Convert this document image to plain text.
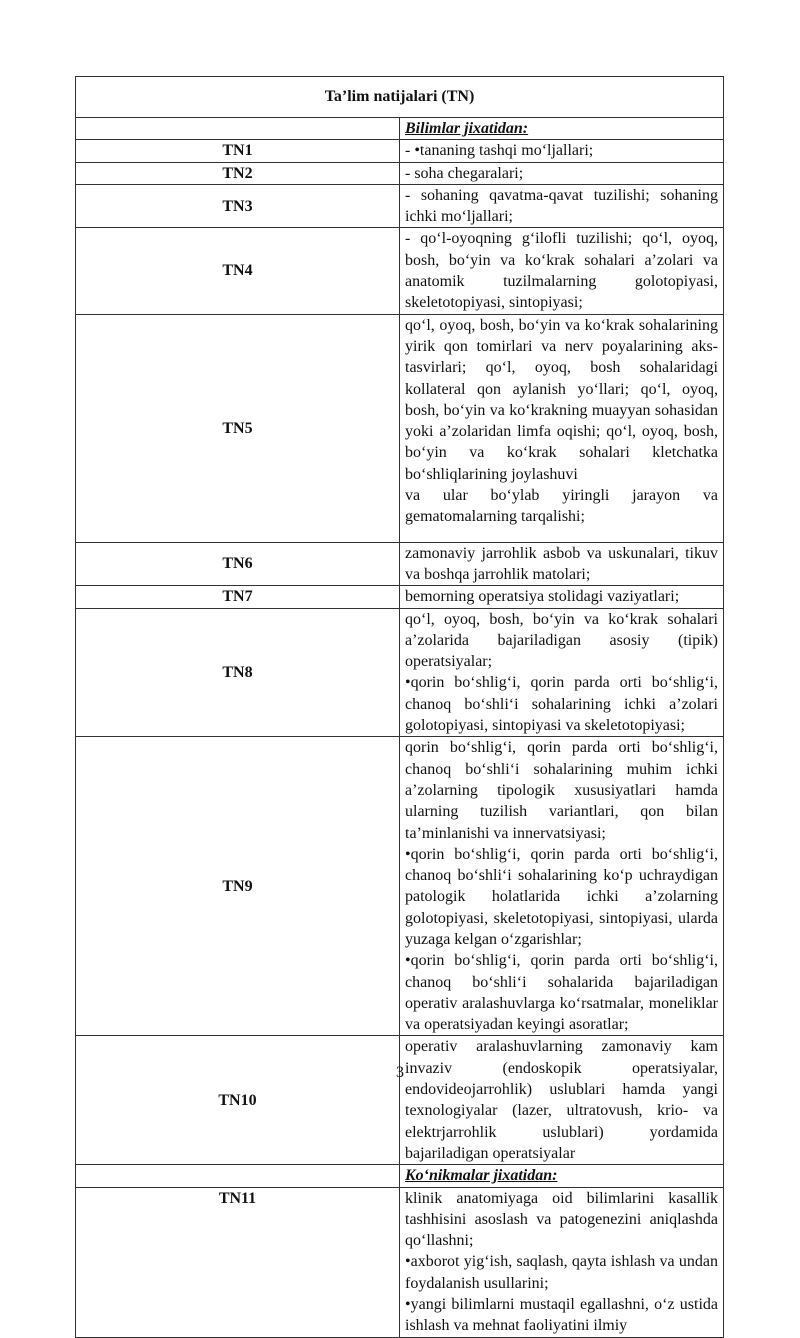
Ta’lim natijalari (TN)	
	Bilimlar jixatidan:
TN1	- •tananing tashqi mo‘ljallari;

TN2	- soha chegaralari;

TN3	- sohaning qavatma-qavat tuzilishi; sohaning ichki mo‘ljallari;

TN4	- qo‘l-oyoqning g‘ilofli tuzilishi; qo‘l, oyoq, bosh, bo‘yin va ko‘krak sohalari a’zolari va anatomik tuzilmalarning golotopiyasi, skeletotopiyasi, sintopiyasi;

TN5	qo‘l, oyoq, bosh, bo‘yin va ko‘krak sohalarining yirik qon tomirlari va nerv poyalarining aks-tasvirlari; qo‘l, oyoq, bosh sohalaridagi kollateral qon aylanish yo‘llari; qo‘l, oyoq, bosh, bo‘yin va ko‘krakning muayyan sohasidan yoki a’zolaridan limfa oqishi; qo‘l, oyoq, bosh, bo‘yin va ko‘krak sohalari kletchatka bo‘shliqlarining joylashuvi
va ular bo‘ylab yiringli jarayon va gematomalarning tarqalishi;

TN6	zamonaviy jarrohlik asbob va uskunalari, tikuv va boshqa jarrohlik matolari;

TN7	bemorning operatsiya stolidagi vaziyatlari;

TN8	qo‘l, oyoq, bosh, bo‘yin va ko‘krak sohalari a’zolarida bajariladigan asosiy (tipik) operatsiyalar;
•qorin bo‘shlig‘i, qorin parda orti bo‘shlig‘i, chanoq bo‘shli‘i sohalarining ichki a’zolari golotopiyasi, sintopiyasi va skeletotopiyasi;

TN9	qorin bo‘shlig‘i, qorin parda orti bo‘shlig‘i, chanoq bo‘shli‘i sohalarining muhim ichki a’zolarning tipologik xususiyatlari hamda ularning tuzilish variantlari, qon bilan ta’minlanishi va innervatsiyasi;
•qorin bo‘shlig‘i, qorin parda orti bo‘shlig‘i, chanoq bo‘shli‘i sohalarining ko‘p uchraydigan patologik holatlarida ichki a’zolarning golotopiyasi, skeletotopiyasi, sintopiyasi, ularda yuzaga kelgan o‘zgarishlar;
•qorin bo‘shlig‘i, qorin parda orti bo‘shlig‘i, chanoq bo‘shli‘i sohalarida bajariladigan operativ aralashuvlarga ko‘rsatmalar, moneliklar va operatsiyadan keyingi asoratlar;

TN10	operativ aralashuvlarning zamonaviy kam invaziv (endoskopik operatsiyalar, endovideojarrohlik) uslublari hamda yangi texnologiyalar (lazer, ultratovush, krio- va elektrjarrohlik uslublari) yordamida bajariladigan operatsiyalar

	Ko‘nikmalar jixatidan:
TN11	klinik anatomiyaga oid bilimlarini kasallik tashhisini asoslash va patogenezini aniqlashda qo‘llashni;
•axborot yig‘ish, saqlash, qayta ishlash va undan foydalanish usullarini;
•yangi bilimlarni mustaqil egallashni, o‘z ustida ishlash va mehnat faoliyatini ilmiy
3
